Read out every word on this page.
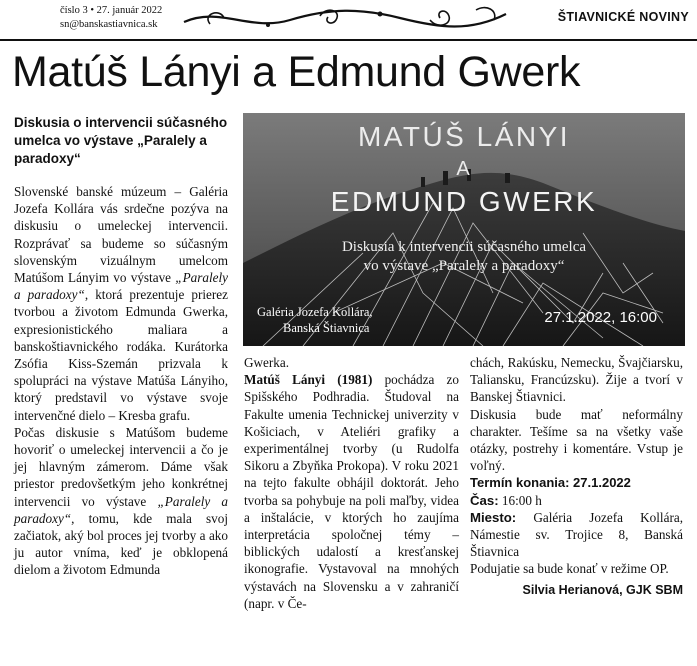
číslo 3 • 27. január 2022
sn@banskastiavnica.sk
ŠTIAVNICKÉ NOVINY
Matúš Lányi a Edmund Gwerk
Diskusia o intervencii súčasného umelca vo výstave „Paralely a paradoxy“
MATÚŠ LÁNYI
A
EDMUND GWERK
Diskusia k intervencii súčasného umelca
vo výstave „Paralely a paradoxy“
Galéria Jozefa Kollára,
Banská Štiavnica
27.1.2022, 16:00

Slovenské banské múzeum – Galéria Jozefa Kollára vás srdečne pozýva na diskusiu o umeleckej intervencii. Rozprávať sa budeme so súčasným slovenským vizuálnym umelcom Matúšom Lányim vo výstave „Paralely a paradoxy“, ktorá prezentuje prierez tvorbou a životom Edmunda Gwerka, expresionistického maliara a banskoštiavnického rodáka. Kurátorka Zsófia Kiss-Szemán prizvala k spolupráci na výstave Matúša Lányiho, ktorý predstavil vo výstave svoje intervenčné dielo – Kresba grafu.

Počas diskusie s Matúšom budeme hovoriť o umeleckej intervencii a čo je jej hlavným zámerom. Dáme však priestor predovšetkým jeho konkrétnej intervencii vo výstave „Paralely a paradoxy“, tomu, kde mala svoj začiatok, aký bol proces jej tvorby a ako ju autor vníma, keď je obklopená dielom a životom Edmunda

Gwerka.

Matúš Lányi (1981) pochádza zo Spišského Podhradia. Študoval na Fakulte umenia Technickej univerzity v Košiciach, v Ateliéri grafiky a experimentálnej tvorby (u Rudolfa Sikoru a Zbyňka Prokopa). V roku 2021 na tejto fakulte obhájil doktorát. Jeho tvorba sa pohybuje na poli maľby, videa a inštalácie, v ktorých ho zaujíma interpretácia spoločnej témy – biblických udalostí a kresťanskej ikonografie. Vystavoval na mnohých výstavách na Slovensku a v zahraničí (napr. v Če-

chách, Rakúsku, Nemecku, Švajčiarsku, Taliansku, Francúzsku). Žije a tvorí v Banskej Štiavnici.

Diskusia bude mať neformálny charakter. Tešíme sa na všetky vaše otázky, postrehy i komentáre. Vstup je voľný.

Termín konania: 27.1.2022

Čas: 16:00 h

Miesto: Galéria Jozefa Kollára, Námestie sv. Trojice 8, Banská Štiavnica

Podujatie sa bude konať v režime OP.

Silvia Herianová, GJK SBM
